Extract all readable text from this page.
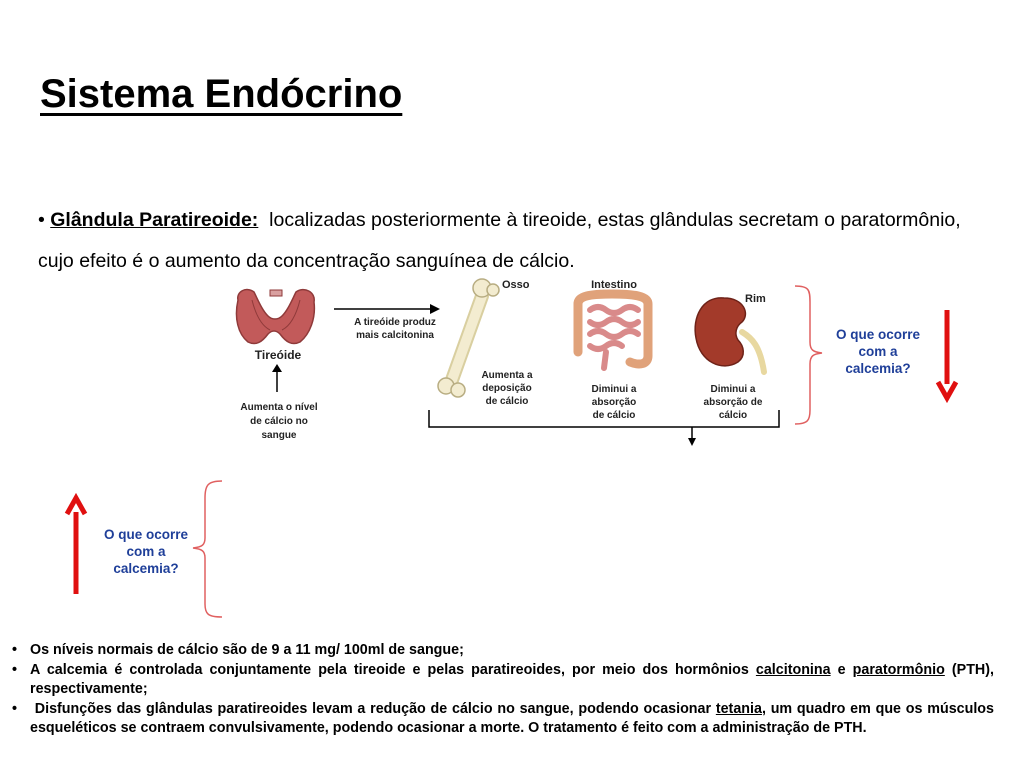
Sistema Endócrino
• Glândula Paratireoide: localizadas posteriormente à tireoide, estas glândulas secretam o paratormônio, cujo efeito é o aumento da concentração sanguínea de cálcio.
Tireóide
Aumenta o nível
de cálcio no
sangue
A tireóide produz
mais calcitonina
Osso
Aumenta a
deposição
de cálcio
Intestino
Diminui a
absorção
de cálcio
Rim
Diminui a
absorção de
cálcio
O que ocorre
com a
calcemia?
O que ocorre
com a
calcemia?
• Os níveis normais de cálcio são de 9 a 11 mg/ 100ml de sangue;
• A calcemia é controlada conjuntamente pela tireoide e pelas paratireoides, por meio dos hormônios calcitonina e paratormônio (PTH), respectivamente;
• Disfunções das glândulas paratireoides levam a redução de cálcio no sangue, podendo ocasionar tetania, um quadro em que os músculos esqueléticos se contraem convulsivamente, podendo ocasionar a morte. O tratamento é feito com a administração de PTH.
